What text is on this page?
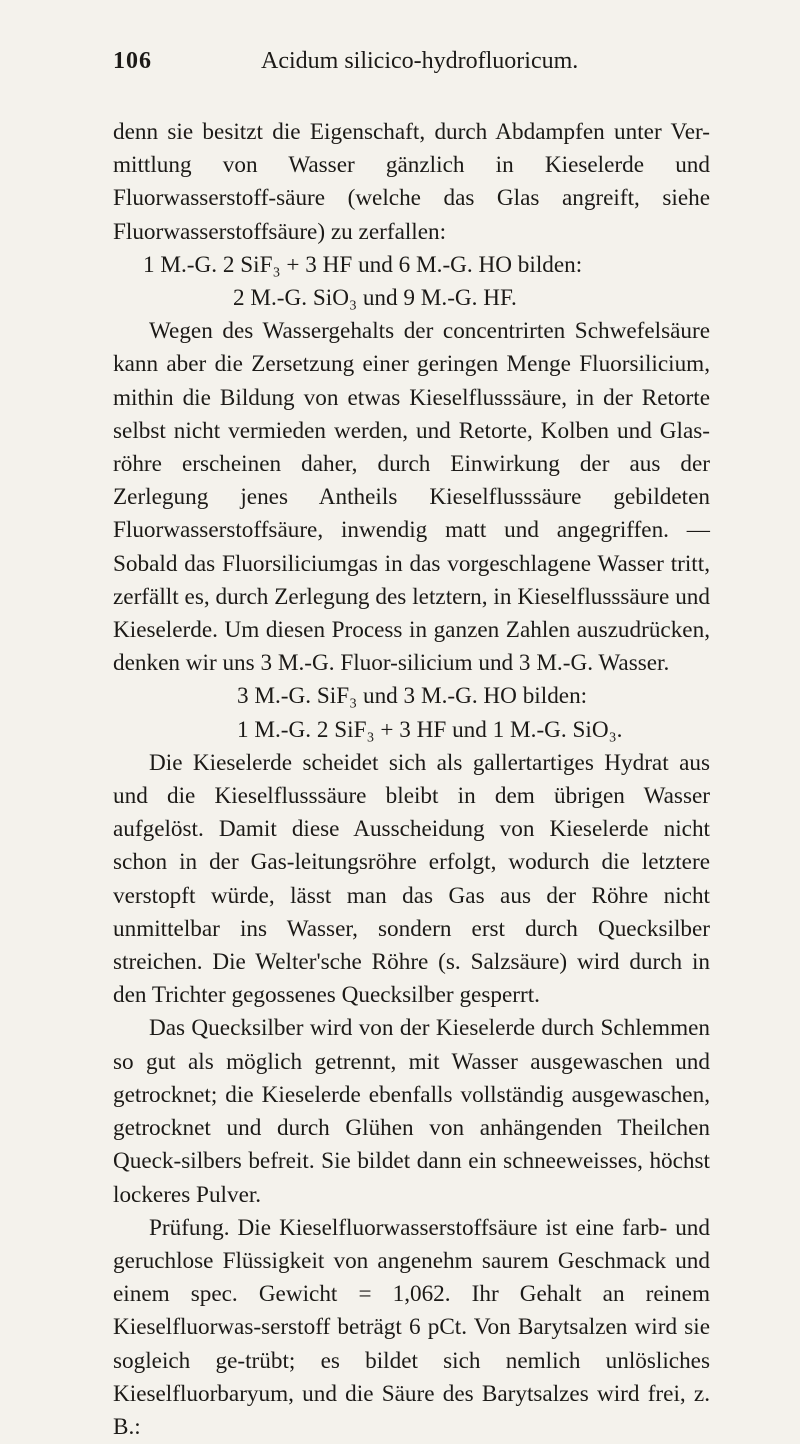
106	Acidum silicico-hydrofluoricum.

denn sie besitzt die Eigenschaft, durch Abdampfen unter Ver-mittlung von Wasser gänzlich in Kieselerde und Fluorwasserstoff-säure (welche das Glas angreift, siehe Fluorwasserstoffsäure) zu zerfallen:

1 M.-G. 2 SiF₃ + 3 HF und 6 M.-G. HO bilden:

2 M.-G. SiO₃ und 9 M.-G. HF.

Wegen des Wassergehalts der concentrirten Schwefelsäure kann aber die Zersetzung einer geringen Menge Fluorsilicium, mithin die Bildung von etwas Kieselflusssäure, in der Retorte selbst nicht vermieden werden, und Retorte, Kolben und Glas-röhre erscheinen daher, durch Einwirkung der aus der Zerlegung jenes Antheils Kieselflusssäure gebildeten Fluorwasserstoffsäure, inwendig matt und angegriffen. — Sobald das Fluorsiliciumgas in das vorgeschlagene Wasser tritt, zerfällt es, durch Zerlegung des letztern, in Kieselflusssäure und Kieselerde. Um diesen Process in ganzen Zahlen auszudrücken, denken wir uns 3 M.-G. Fluor-silicium und 3 M.-G. Wasser.

3 M.-G. SiF₃ und 3 M.-G. HO bilden:

1 M.-G. 2 SiF₃ + 3 HF und 1 M.-G. SiO₃.

Die Kieselerde scheidet sich als gallertartiges Hydrat aus und die Kieselflusssäure bleibt in dem übrigen Wasser aufgelöst. Damit diese Ausscheidung von Kieselerde nicht schon in der Gas-leitungsröhre erfolgt, wodurch die letztere verstopft würde, lässt man das Gas aus der Röhre nicht unmittelbar ins Wasser, sondern erst durch Quecksilber streichen. Die Welter'sche Röhre (s. Salzsäure) wird durch in den Trichter gegossenes Quecksilber gesperrt.

Das Quecksilber wird von der Kieselerde durch Schlemmen so gut als möglich getrennt, mit Wasser ausgewaschen und getrocknet; die Kieselerde ebenfalls vollständig ausgewaschen, getrocknet und durch Glühen von anhängenden Theilchen Queck-silbers befreit. Sie bildet dann ein schneeweisses, höchst lockeres Pulver.

Prüfung. Die Kieselfluorwasserstoffsäure ist eine farb- und geruchlose Flüssigkeit von angenehm saurem Geschmack und einem spec. Gewicht = 1,062. Ihr Gehalt an reinem Kieselfluorwas-serstoff beträgt 6 pCt. Von Barytsalzen wird sie sogleich ge-trübt; es bildet sich nemlich unlösliches Kieselfluorbaryum, und die Säure des Barytsalzes wird frei, z. B.:
